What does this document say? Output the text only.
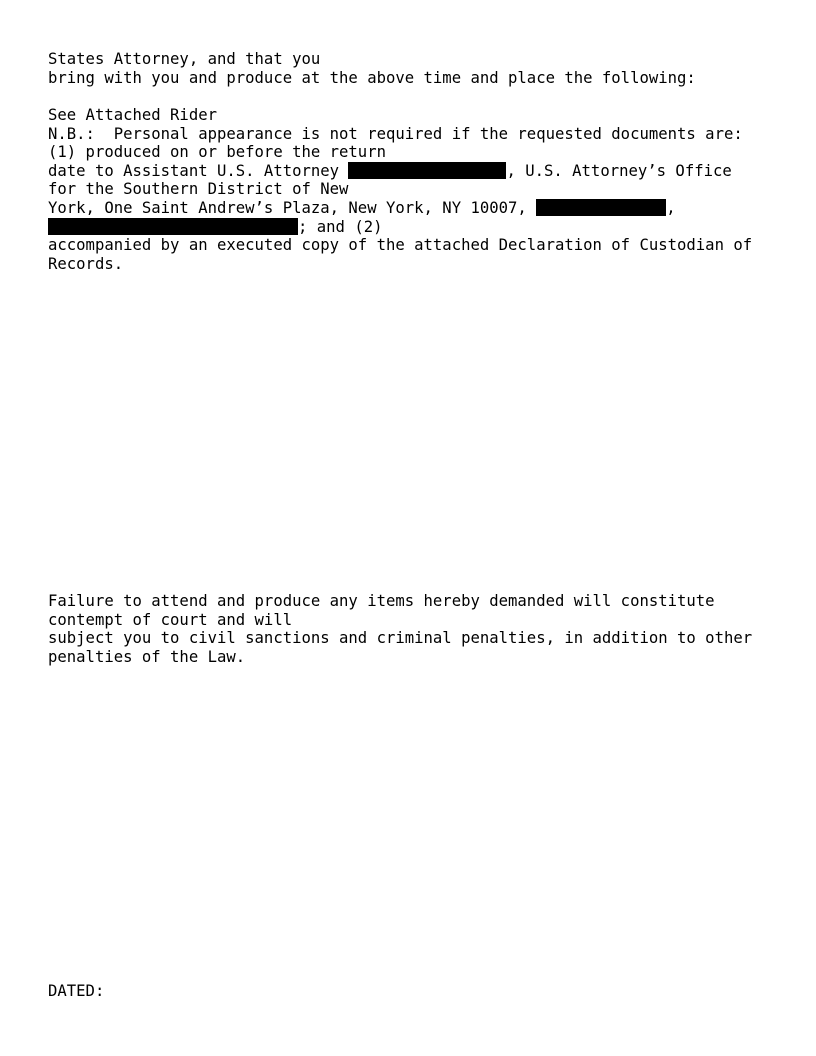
States Attorney, and that you
bring with you and produce at the above time and place the following:
See Attached Rider
N.B.:  Personal appearance is not required if the requested documents are:
(1) produced on or before the return
date to Assistant U.S. Attorney	, U.S. Attorney’s Office
for the Southern District of New
York, One Saint Andrew’s Plaza, New York, NY 10007,	,
; and (2)
accompanied by an executed copy of the attached Declaration of Custodian of
Records.
Failure to attend and produce any items hereby demanded will constitute
contempt of court and will
subject you to civil sanctions and criminal penalties, in addition to other
penalties of the Law.
DATED:
